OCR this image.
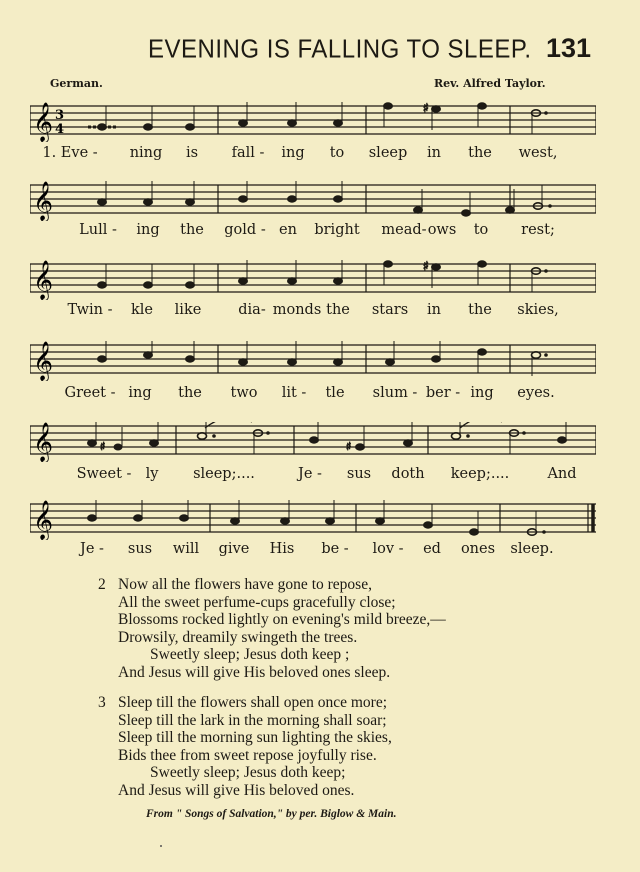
EVENING IS FALLING TO SLEEP. 131
German.	Rev. Alfred Taylor.
𝄞 3
4
♯
1. Eve - ning is fall - ing to sleep in the west,
𝄞
Lull - ing the gold - en bright mead- ows to rest;
𝄞	♯
Twin - kle like	dia- monds the stars in the skies,
𝄞
Greet - ing the two lit - tle slum - ber - ing eyes.
𝄞	♯	♯
Sweet - ly sleep;....	Je - sus doth keep;....	And
𝄞
Je - sus will give His be - lov - ed ones sleep.
2 Now all the flowers have gone to repose,
All the sweet perfume-cups gracefully close;
Blossoms rocked lightly on evening's mild breeze,—
Drowsily, dreamily swingeth the trees.
Sweetly sleep; Jesus doth keep ;
And Jesus will give His beloved ones sleep.
3 Sleep till the flowers shall open once more;
Sleep till the lark in the morning shall soar;
Sleep till the morning sun lighting the skies,
Bids thee from sweet repose joyfully rise.
Sweetly sleep; Jesus doth keep;
And Jesus will give His beloved ones.
From " Songs of Salvation," by per. Biglow & Main.
